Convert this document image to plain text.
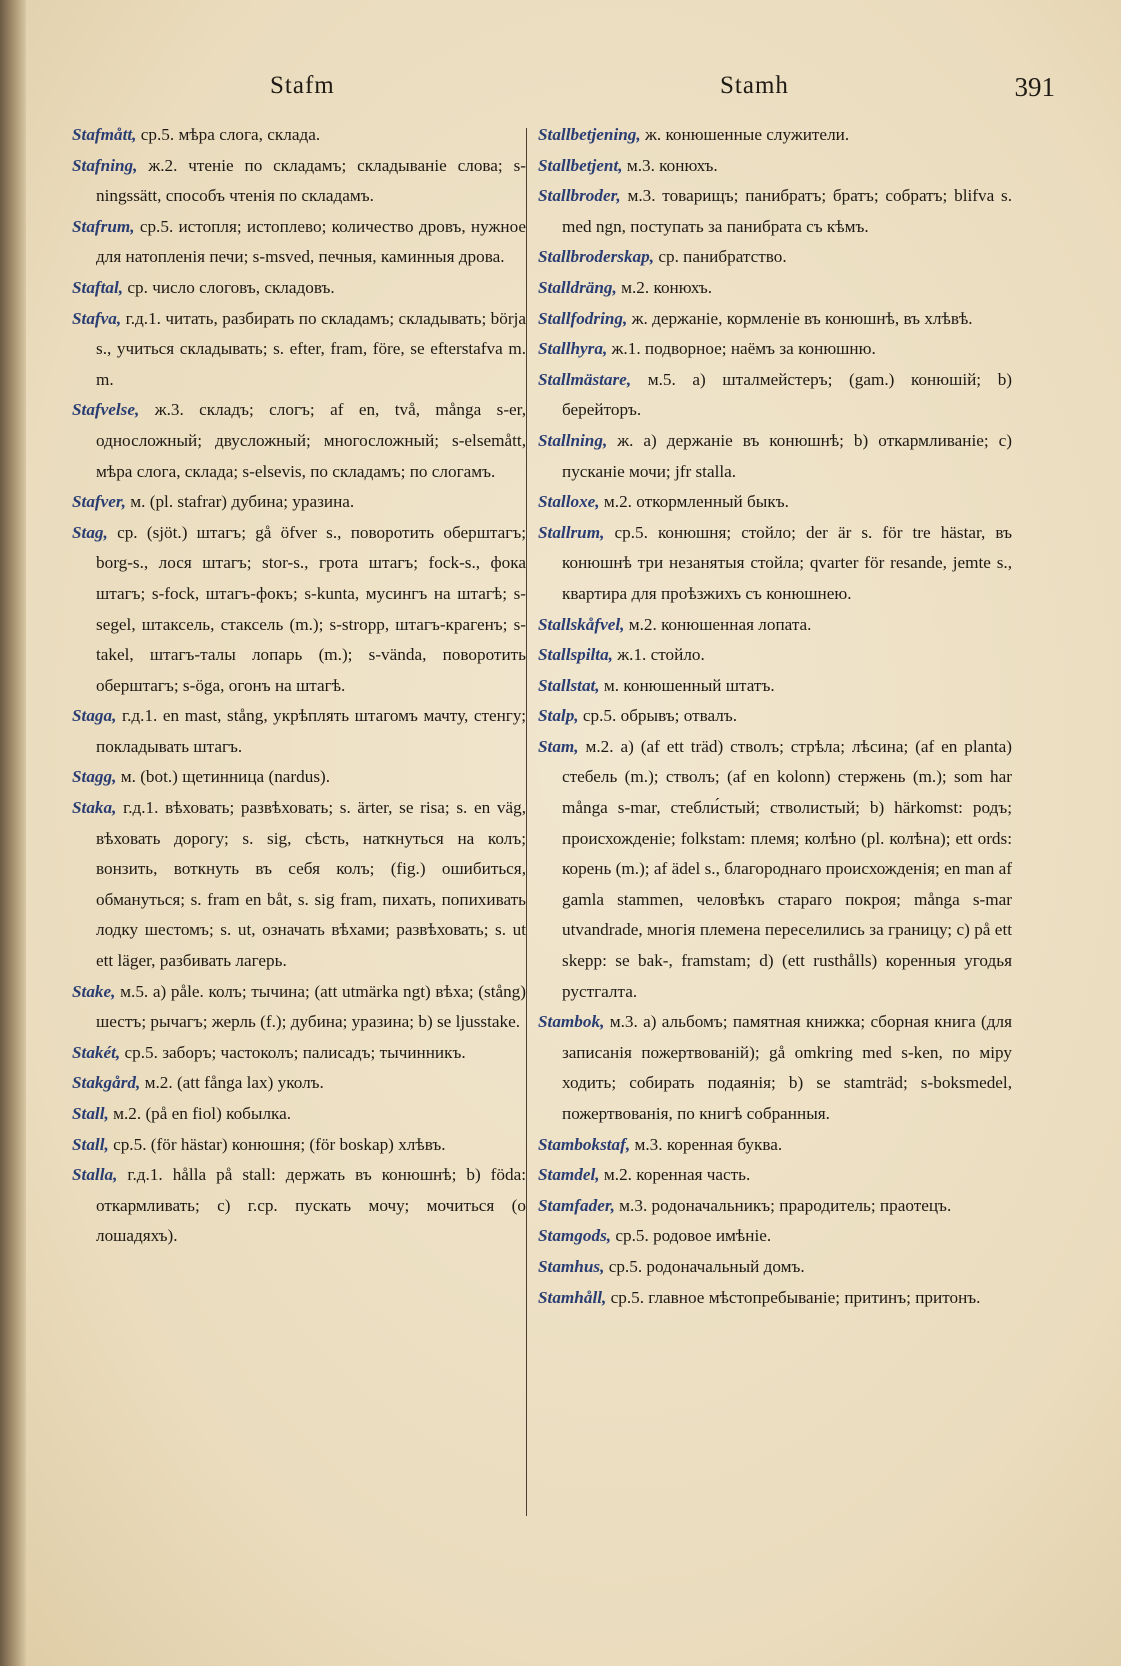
Stafm	Stamh	391

Stafmått, ср.5. мѣра слога, склада.

Stafning, ж.2. чтеніе по складамъ; складываніе слова; s-ningssätt, способъ чтенія по складамъ.

Stafrum, ср.5. истопля; истоплево; количество дровъ, нужное для натопленія печи; s-msved, печныя, каминныя дрова.

Staftal, ср. число слоговъ, складовъ.

Stafva, г.д.1. читать, разбирать по складамъ; складывать; börja s., учиться складывать; s. efter, fram, före, se efterstafva m. m.

Stafvelse, ж.3. складъ; слогъ; af en, två, många s-er, односложный; двусложный; многосложный; s-elsemått, мѣра слога, склада; s-elsevis, по складамъ; по слогамъ.

Stafver, м. (pl. stafrar) дубина; уразина.

Stag, ср. (sjöt.) штагъ; gå öfver s., поворотить оберштагъ; borg-s., лося штагъ; stor-s., грота штагъ; fock-s., фока штагъ; s-fock, штагъ-фокъ; s-kunta, мусингъ на штагѣ; s-segel, штаксель, стаксель (m.); s-stropp, штагъ-крагенъ; s-takel, штагъ-талы лопарь (m.); s-vända, поворотить оберштагъ; s-öga, огонъ на штагѣ.

Staga, г.д.1. en mast, stång, укрѣплять штагомъ мачту, стенгу; покладывать штагъ.

Stagg, м. (bot.) щетинница (nardus).

Staka, г.д.1. вѣховать; развѣховать; s. ärter, se risa; s. en väg, вѣховать дорогу; s. sig, сѣсть, наткнуться на колъ; вонзить, воткнуть въ себя колъ; (fig.) ошибиться, обмануться; s. fram en båt, s. sig fram, пихать, попихивать лодку шестомъ; s. ut, означать вѣхами; развѣховать; s. ut ett läger, разбивать лагерь.

Stake, м.5. a) påle. колъ; тычина; (att utmärka ngt) вѣха; (stång) шестъ; рычагъ; жерль (f.); дубина; уразина; b) se ljusstake.

Stakét, ср.5. заборъ; частоколъ; палисадъ; тычинникъ.

Stakgård, м.2. (att fånga lax) уколъ.

Stall, м.2. (på en fiol) кобылка.

Stall, ср.5. (för hästar) конюшня; (för boskap) хлѣвъ.

Stalla, г.д.1. hålla på stall: держать въ конюшнѣ; b) föda: откармливать; c) г.ср. пускать мочу; мочиться (о лошадяхъ).

Stallbetjening, ж. конюшенные служители.

Stallbetjent, м.3. конюхъ.

Stallbroder, м.3. товарищъ; панибратъ; братъ; собратъ; blifva s. med ngn, поступать за панибрата съ кѣмъ.

Stallbroderskap, ср. панибратство.

Stalldräng, м.2. конюхъ.

Stallfodring, ж. держаніе, кормленіе въ конюшнѣ, въ хлѣвѣ.

Stallhyra, ж.1. подворное; наёмъ за конюшню.

Stallmästare, м.5. a) шталмейстеръ; (gam.) конюшій; b) берейторъ.

Stallning, ж. a) держаніе въ конюшнѣ; b) откармливаніе; c) пусканіе мочи; jfr stalla.

Stalloxe, м.2. откормленный быкъ.

Stallrum, ср.5. конюшня; стойло; der är s. för tre hästar, въ конюшнѣ три незанятыя стойла; qvarter för resande, jemte s., квартира для проѣзжихъ съ конюшнею.

Stallskåfvel, м.2. конюшенная лопата.

Stallspilta, ж.1. стойло.

Stallstat, м. конюшенный штатъ.

Stalp, ср.5. обрывъ; отвалъ.

Stam, м.2. a) (af ett träd) стволъ; стрѣла; лѣсина; (af en planta) стебель (m.); стволъ; (af en kolonn) стержень (m.); som har många s-mar, стебли́стый; стволистый; b) härkomst: родъ; происхожденіе; folkstam: племя; колѣно (pl. колѣна); ett ords: корень (m.); af ädel s., благороднаго происхожденія; en man af gamla stammen, человѣкъ стараго покроя; många s-mar utvandrade, многія племена переселились за границу; c) på ett skepp: se bak-, framstam; d) (ett rusthålls) коренныя угодья рустгалта.

Stambok, м.3. a) альбомъ; памятная книжка; сборная книга (для записанія пожертвованій); gå omkring med s-ken, по міру ходить; собирать подаянія; b) se stamträd; s-boksmedel, пожертвованія, по книгѣ собранныя.

Stambokstaf, м.3. коренная буква.

Stamdel, м.2. коренная часть.

Stamfader, м.3. родоначальникъ; прародитель; праотецъ.

Stamgods, ср.5. родовое имѣніе.

Stamhus, ср.5. родоначальный домъ.

Stamhåll, ср.5. главное мѣстопребываніе; притинъ; притонъ.
